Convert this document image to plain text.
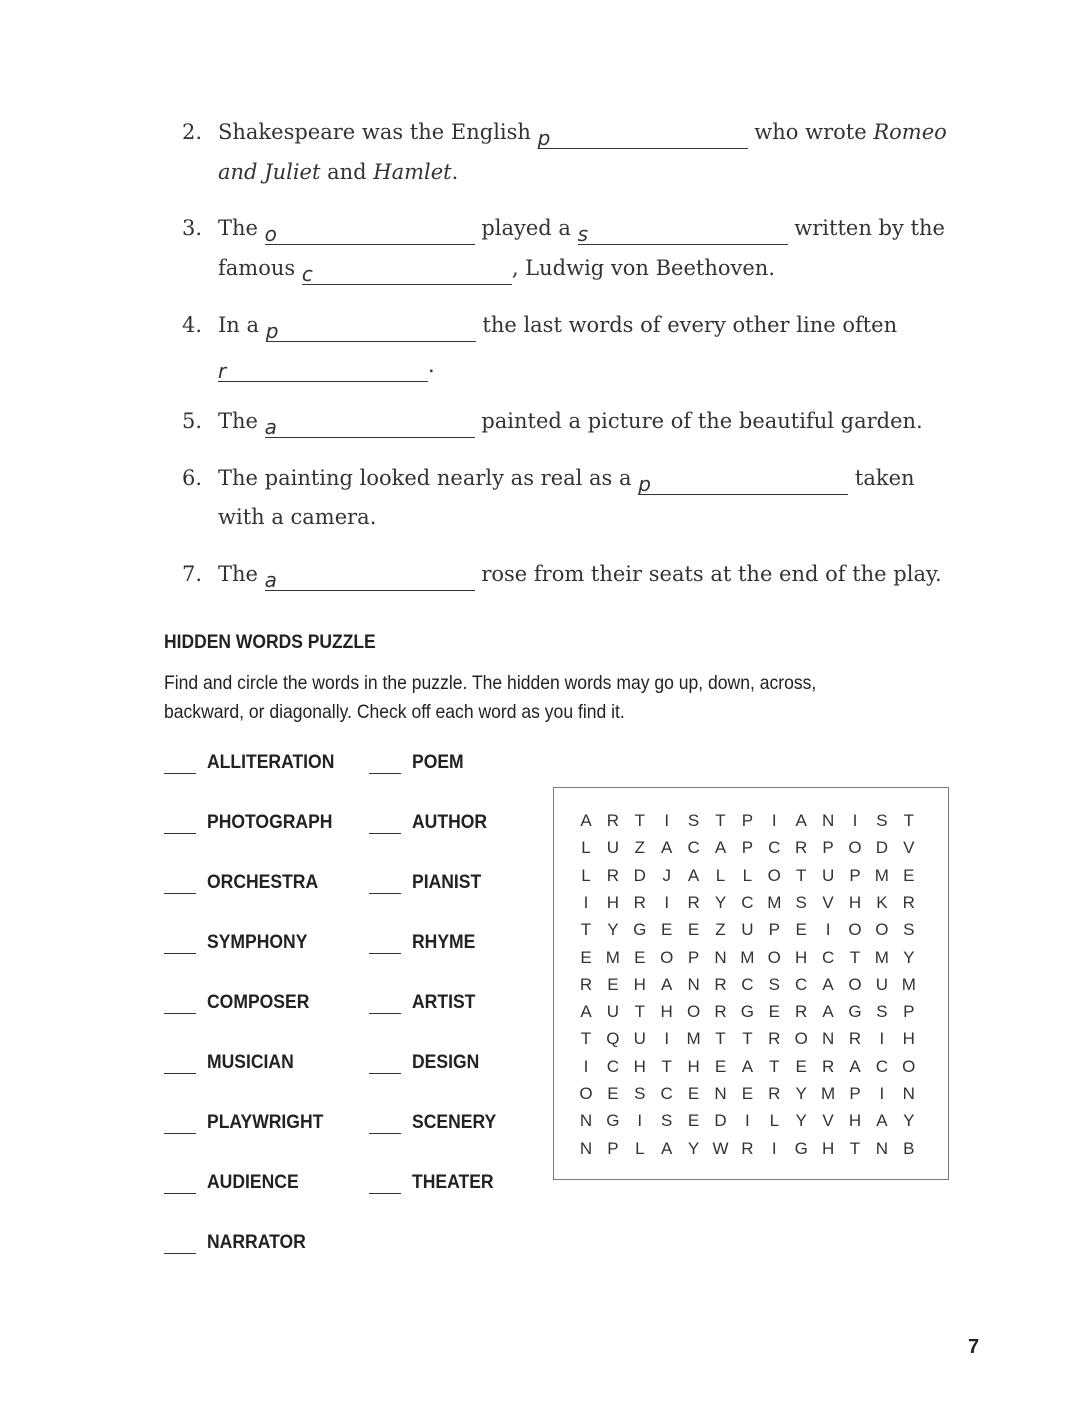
2. Shakespeare was the English p	who wrote Romeo
and Juliet and Hamlet.
3. The o	played a s	written by the
famous c	, Ludwig von Beethoven.
4. In a p	the last words of every other line often
r	.
5. The a	painted a picture of the beautiful garden.
6. The painting looked nearly as real as a p	taken
with a camera.
7. The a	rose from their seats at the end of the play.
HIDDEN WORDS PUZZLE
Find and circle the words in the puzzle. The hidden words may go up, down, across,
backward, or diagonally. Check off each word as you find it.
ALLITERATION
PHOTOGRAPH
ORCHESTRA
SYMPHONY
COMPOSER
MUSICIAN
PLAYWRIGHT
AUDIENCE
NARRATOR
POEM
AUTHOR
PIANIST
RHYME
ARTIST
DESIGN
SCENERY
THEATER
A R T	I	S T P	I	A N	I	S T
L U Z A C A P C R P O D V
L R D J A L	L O T U P M E
I	H R	I	R Y C M S V H K R
T Y G E E Z U P E	I	O O S
E M E O P N M O H C T M Y
R E H A N R C S C A O U M
A U T H O R G E R A G S P
T Q U	I	M T T R O N R	I	H
I	C H T H E A T E R A C O
O E S C E N E R Y M P	I	N
N G	I	S E D	I	L Y V H A Y
N P L A Y W R	I	G H T N B
7
